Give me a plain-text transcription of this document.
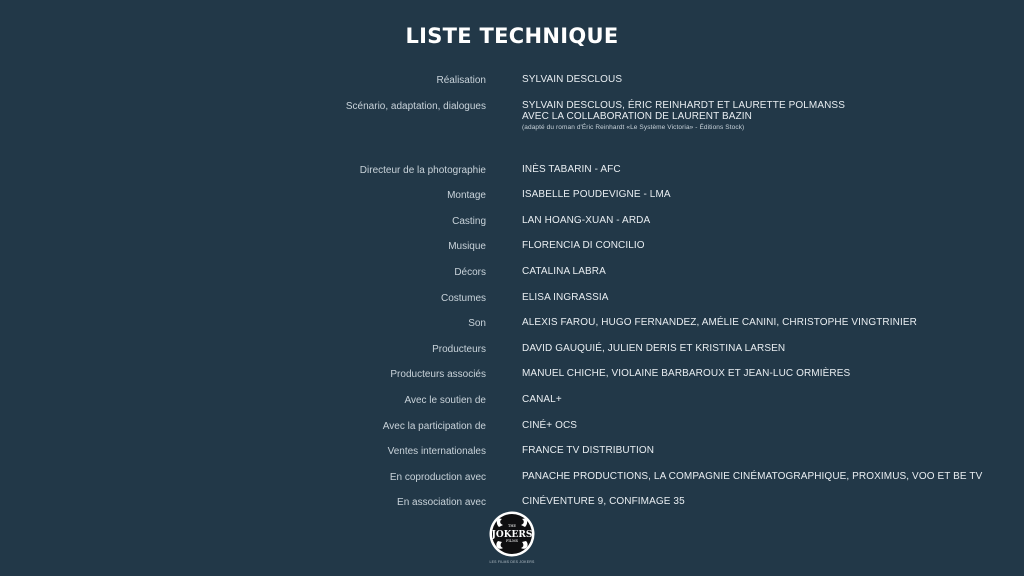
LISTE TECHNIQUE
Réalisation	SYLVAIN DESCLOUS
Scénario, adaptation, dialogues	SYLVAIN DESCLOUS, ÉRIC REINHARDT ET LAURETTE POLMANSS
AVEC LA COLLABORATION DE LAURENT BAZIN
(adapté du roman d'Éric Reinhardt «Le Système Victoria» - Éditions Stock)
Directeur de la photographie	INÈS TABARIN - AFC
Montage	ISABELLE POUDEVIGNE - LMA
Casting	LAN HOANG-XUAN - ARDA
Musique	FLORENCIA DI CONCILIO
Décors	CATALINA LABRA
Costumes	ELISA INGRASSIA
Son	ALEXIS FAROU, HUGO FERNANDEZ, AMÉLIE CANINI, CHRISTOPHE VINGTRINIER
Producteurs	DAVID GAUQUIÉ, JULIEN DERIS ET KRISTINA LARSEN
Producteurs associés	MANUEL CHICHE, VIOLAINE BARBAROUX ET JEAN-LUC ORMIÈRES
Avec le soutien de	CANAL+
Avec la participation de	CINÉ+ OCS
Ventes internationales	FRANCE TV DISTRIBUTION
En coproduction avec	PANACHE PRODUCTIONS, LA COMPAGNIE CINÉMATOGRAPHIQUE, PROXIMUS, VOO ET BE TV
En association avec	CINÉVENTURE 9, CONFIMAGE 35
THE
JOKERS
FILMS
LES FILMS DES JOKERS
